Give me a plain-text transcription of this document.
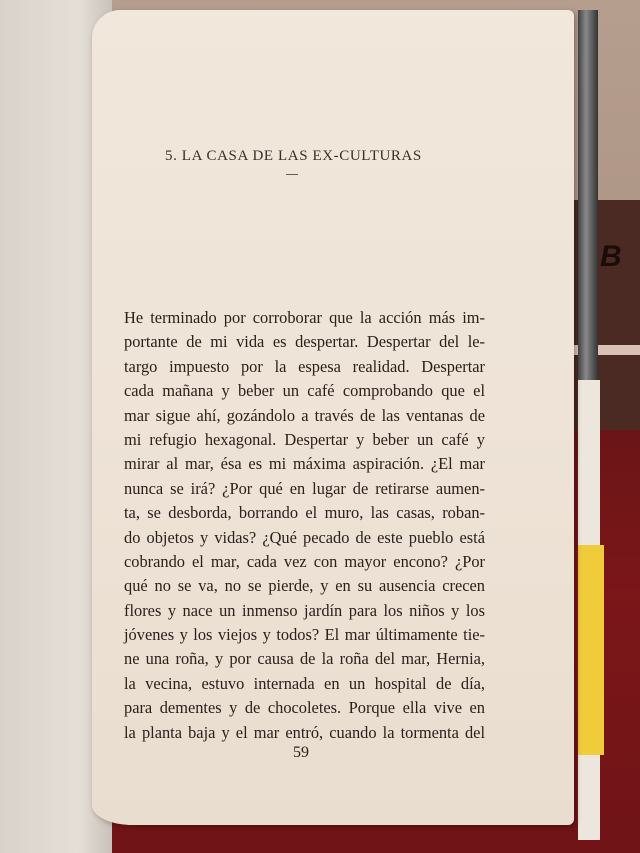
B
5. LA CASA DE LAS EX-CULTURAS
He terminado por corroborar que la acción más im-
portante de mi vida es despertar. Despertar del le-
targo impuesto por la espesa realidad. Despertar
cada mañana y beber un café comprobando que el
mar sigue ahí, gozándolo a través de las ventanas de
mi refugio hexagonal. Despertar y beber un café y
mirar al mar, ésa es mi máxima aspiración. ¿El mar
nunca se irá? ¿Por qué en lugar de retirarse aumen-
ta, se desborda, borrando el muro, las casas, roban-
do objetos y vidas? ¿Qué pecado de este pueblo está
cobrando el mar, cada vez con mayor encono? ¿Por
qué no se va, no se pierde, y en su ausencia crecen
flores y nace un inmenso jardín para los niños y los
jóvenes y los viejos y todos? El mar últimamente tie-
ne una roña, y por causa de la roña del mar, Hernia,
la vecina, estuvo internada en un hospital de día,
para dementes y de chocoletes. Porque ella vive en
la planta baja y el mar entró, cuando la tormenta del
59
